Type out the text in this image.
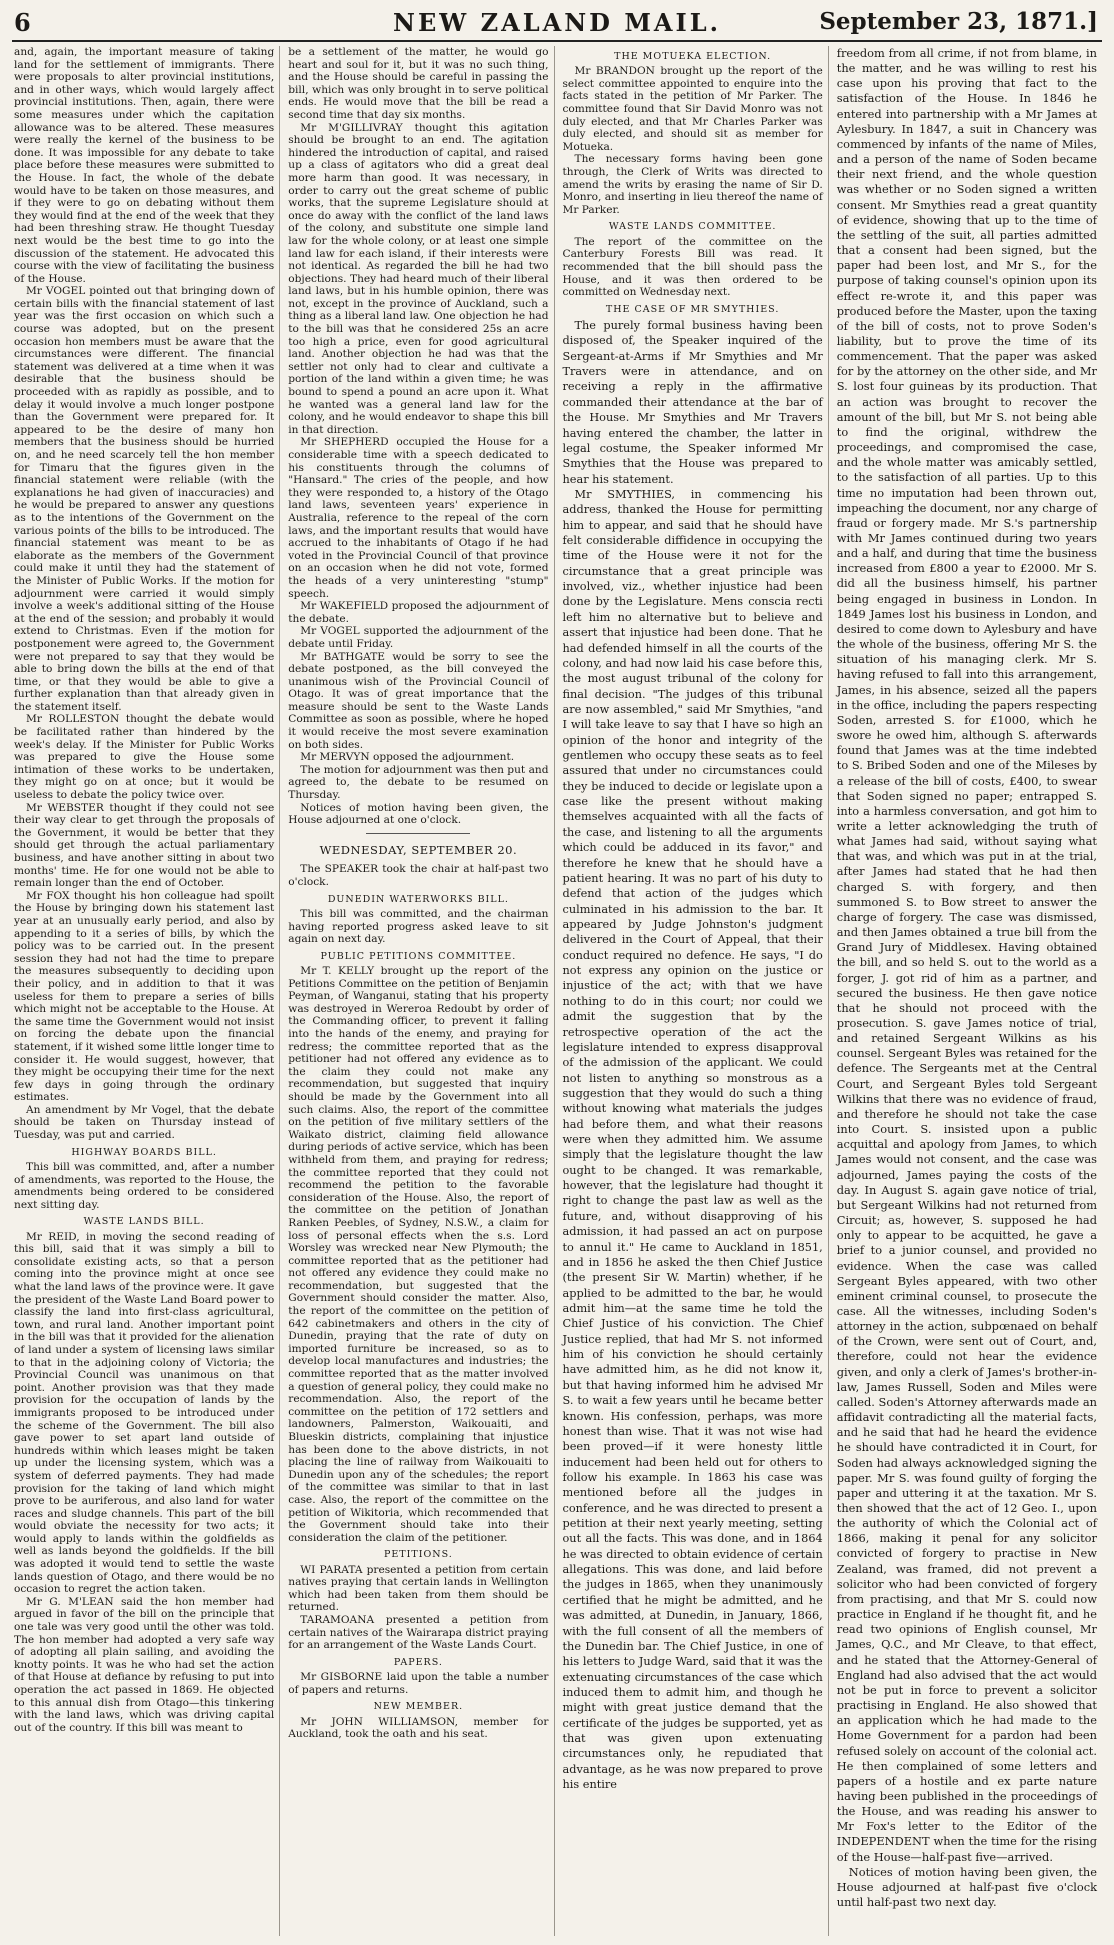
6	NEW ZALAND MAIL.	September 23, 1871.]

and, again, the important measure of taking land for the settlement of immigrants. There were proposals to alter provincial institutions, and in other ways, which would largely affect provincial institutions. Then, again, there were some measures under which the capitation allowance was to be altered. These measures were really the kernel of the business to be done. It was impossible for any debate to take place before these measures were submitted to the House. In fact, the whole of the debate would have to be taken on those measures, and if they were to go on debating without them they would find at the end of the week that they had been threshing straw. He thought Tuesday next would be the best time to go into the discussion of the statement. He advocated this course with the view of facilitating the business of the House.

Mr VOGEL pointed out that bringing down of certain bills with the financial statement of last year was the first occasion on which such a course was adopted, but on the present occasion hon members must be aware that the circumstances were different. The financial statement was delivered at a time when it was desirable that the business should be proceeded with as rapidly as possible, and to delay it would involve a much longer postpone than the Government were prepared for. It appeared to be the desire of many hon members that the business should be hurried on, and he need scarcely tell the hon member for Timaru that the figures given in the financial statement were reliable (with the explanations he had given of inaccuracies) and he would be prepared to answer any questions as to the intentions of the Government on the various points of the bills to be introduced. The financial statement was meant to be as elaborate as the members of the Government could make it until they had the statement of the Minister of Public Works. If the motion for adjournment were carried it would simply involve a week's additional sitting of the House at the end of the session; and probably it would extend to Christmas. Even if the motion for postponement were agreed to, the Government were not prepared to say that they would be able to bring down the bills at the end of that time, or that they would be able to give a further explanation than that already given in the statement itself.

Mr ROLLESTON thought the debate would be facilitated rather than hindered by the week's delay. If the Minister for Public Works was prepared to give the House some intimation of these works to be undertaken, they might go on at once; but it would be useless to debate the policy twice over.

Mr WEBSTER thought if they could not see their way clear to get through the proposals of the Government, it would be better that they should get through the actual parliamentary business, and have another sitting in about two months' time. He for one would not be able to remain longer than the end of October.

Mr FOX thought his hon colleague had spoilt the House by bringing down his statement last year at an unusually early period, and also by appending to it a series of bills, by which the policy was to be carried out. In the present session they had not had the time to prepare the measures subsequently to deciding upon their policy, and in addition to that it was useless for them to prepare a series of bills which might not be acceptable to the House. At the same time the Government would not insist on forcing the debate upon the financial statement, if it wished some little longer time to consider it. He would suggest, however, that they might be occupying their time for the next few days in going through the ordinary estimates.

An amendment by Mr Vogel, that the debate should be taken on Thursday instead of Tuesday, was put and carried.

HIGHWAY BOARDS BILL.

This bill was committed, and, after a number of amendments, was reported to the House, the amendments being ordered to be considered next sitting day.

WASTE LANDS BILL.

Mr REID, in moving the second reading of this bill, said that it was simply a bill to consolidate existing acts, so that a person coming into the province might at once see what the land laws of the province were. It gave the president of the Waste Land Board power to classify the land into first-class agricultural, town, and rural land. Another important point in the bill was that it provided for the alienation of land under a system of licensing laws similar to that in the adjoining colony of Victoria; the Provincial Council was unanimous on that point. Another provision was that they made provision for the occupation of lands by the immigrants proposed to be introduced under the scheme of the Government. The bill also gave power to set apart land outside of hundreds within which leases might be taken up under the licensing system, which was a system of deferred payments. They had made provision for the taking of land which might prove to be auriferous, and also land for water races and sludge channels. This part of the bill would obviate the necessity for two acts; it would apply to lands within the goldfields as well as lands beyond the goldfields. If the bill was adopted it would tend to settle the waste lands question of Otago, and there would be no occasion to regret the action taken.

Mr G. M'LEAN said the hon member had argued in favor of the bill on the principle that one tale was very good until the other was told. The hon member had adopted a very safe way of adopting all plain sailing, and avoiding the knotty points. It was he who had set the action of that House at defiance by refusing to put into operation the act passed in 1869. He objected to this annual dish from Otago—this tinkering with the land laws, which was driving capital out of the country. If this bill was meant to

be a settlement of the matter, he would go heart and soul for it, but it was no such thing, and the House should be careful in passing the bill, which was only brought in to serve political ends. He would move that the bill be read a second time that day six months.

Mr M'GILLIVRAY thought this agitation should be brought to an end. The agitation hindered the introduction of capital, and raised up a class of agitators who did a great deal more harm than good. It was necessary, in order to carry out the great scheme of public works, that the supreme Legislature should at once do away with the conflict of the land laws of the colony, and substitute one simple land law for the whole colony, or at least one simple land law for each island, if their interests were not identical. As regarded the bill he had two objections. They had heard much of their liberal land laws, but in his humble opinion, there was not, except in the province of Auckland, such a thing as a liberal land law. One objection he had to the bill was that he considered 25s an acre too high a price, even for good agricultural land. Another objection he had was that the settler not only had to clear and cultivate a portion of the land within a given time; he was bound to spend a pound an acre upon it. What he wanted was a general land law for the colony, and he would endeavor to shape this bill in that direction.

Mr SHEPHERD occupied the House for a considerable time with a speech dedicated to his constituents through the columns of "Hansard." The cries of the people, and how they were responded to, a history of the Otago land laws, seventeen years' experience in Australia, reference to the repeal of the corn laws, and the important results that would have accrued to the inhabitants of Otago if he had voted in the Provincial Council of that province on an occasion when he did not vote, formed the heads of a very uninteresting "stump" speech.

Mr WAKEFIELD proposed the adjournment of the debate.

Mr VOGEL supported the adjournment of the debate until Friday.

Mr BATHGATE would be sorry to see the debate postponed, as the bill conveyed the unanimous wish of the Provincial Council of Otago. It was of great importance that the measure should be sent to the Waste Lands Committee as soon as possible, where he hoped it would receive the most severe examination on both sides.

Mr MERVYN opposed the adjournment.

The motion for adjournment was then put and agreed to, the debate to be resumed on Thursday.

Notices of motion having been given, the House adjourned at one o'clock.

WEDNESDAY, SEPTEMBER 20.

The SPEAKER took the chair at half-past two o'clock.

DUNEDIN WATERWORKS BILL.

This bill was committed, and the chairman having reported progress asked leave to sit again on next day.

PUBLIC PETITIONS COMMITTEE.

Mr T. KELLY brought up the report of the Petitions Committee on the petition of Benjamin Peyman, of Wanganui, stating that his property was destroyed in Wereroa Redoubt by order of the Commanding officer, to prevent it falling into the hands of the enemy, and praying for redress; the committee reported that as the petitioner had not offered any evidence as to the claim they could not make any recommendation, but suggested that inquiry should be made by the Government into all such claims. Also, the report of the committee on the petition of five military settlers of the Waikato district, claiming field allowance during periods of active service, which has been withheld from them, and praying for redress; the committee reported that they could not recommend the petition to the favorable consideration of the House. Also, the report of the committee on the petition of Jonathan Ranken Peebles, of Sydney, N.S.W., a claim for loss of personal effects when the s.s. Lord Worsley was wrecked near New Plymouth; the committee reported that as the petitioner had not offered any evidence they could make no recommendation, but suggested that the Government should consider the matter. Also, the report of the committee on the petition of 642 cabinetmakers and others in the city of Dunedin, praying that the rate of duty on imported furniture be increased, so as to develop local manufactures and industries; the committee reported that as the matter involved a question of general policy, they could make no recommendation. Also, the report of the committee on the petition of 172 settlers and landowners, Palmerston, Waikouaiti, and Blueskin districts, complaining that injustice has been done to the above districts, in not placing the line of railway from Waikouaiti to Dunedin upon any of the schedules; the report of the committee was similar to that in last case. Also, the report of the committee on the petition of Wikitoria, which recommended that the Government should take into their consideration the claim of the petitioner.

PETITIONS.

WI PARATA presented a petition from certain natives praying that certain lands in Wellington which had been taken from them should be returned.

TARAMOANA presented a petition from certain natives of the Wairarapa district praying for an arrangement of the Waste Lands Court.

PAPERS.

Mr GISBORNE laid upon the table a number of papers and returns.

NEW MEMBER.

Mr JOHN WILLIAMSON, member for Auckland, took the oath and his seat.

THE MOTUEKA ELECTION.

Mr BRANDON brought up the report of the select committee appointed to enquire into the facts stated in the petition of Mr Parker. The committee found that Sir David Monro was not duly elected, and that Mr Charles Parker was duly elected, and should sit as member for Motueka.

The necessary forms having been gone through, the Clerk of Writs was directed to amend the writs by erasing the name of Sir D. Monro, and inserting in lieu thereof the name of Mr Parker.

WASTE LANDS COMMITTEE.

The report of the committee on the Canterbury Forests Bill was read. It recommended that the bill should pass the House, and it was then ordered to be committed on Wednesday next.

THE CASE OF MR SMYTHIES.

The purely formal business having been disposed of, the Speaker inquired of the Sergeant-at-Arms if Mr Smythies and Mr Travers were in attendance, and on receiving a reply in the affirmative commanded their attendance at the bar of the House. Mr Smythies and Mr Travers having entered the chamber, the latter in legal costume, the Speaker informed Mr Smythies that the House was prepared to hear his statement.

Mr SMYTHIES, in commencing his address, thanked the House for permitting him to appear, and said that he should have felt considerable diffidence in occupying the time of the House were it not for the circumstance that a great principle was involved, viz., whether injustice had been done by the Legislature. Mens conscia recti left him no alternative but to believe and assert that injustice had been done. That he had defended himself in all the courts of the colony, and had now laid his case before this, the most august tribunal of the colony for final decision. "The judges of this tribunal are now assembled," said Mr Smythies, "and I will take leave to say that I have so high an opinion of the honor and integrity of the gentlemen who occupy these seats as to feel assured that under no circumstances could they be induced to decide or legislate upon a case like the present without making themselves acquainted with all the facts of the case, and listening to all the arguments which could be adduced in its favor," and therefore he knew that he should have a patient hearing. It was no part of his duty to defend that action of the judges which culminated in his admission to the bar. It appeared by Judge Johnston's judgment delivered in the Court of Appeal, that their conduct required no defence. He says, "I do not express any opinion on the justice or injustice of the act; with that we have nothing to do in this court; nor could we admit the suggestion that by the retrospective operation of the act the legislature intended to express disapproval of the admission of the applicant. We could not listen to anything so monstrous as a suggestion that they would do such a thing without knowing what materials the judges had before them, and what their reasons were when they admitted him. We assume simply that the legislature thought the law ought to be changed. It was remarkable, however, that the legislature had thought it right to change the past law as well as the future, and, without disapproving of his admission, it had passed an act on purpose to annul it." He came to Auckland in 1851, and in 1856 he asked the then Chief Justice (the present Sir W. Martin) whether, if he applied to be admitted to the bar, he would admit him—at the same time he told the Chief Justice of his conviction. The Chief Justice replied, that had Mr S. not informed him of his conviction he should certainly have admitted him, as he did not know it, but that having informed him he advised Mr S. to wait a few years until he became better known. His confession, perhaps, was more honest than wise. That it was not wise had been proved—if it were honesty little inducement had been held out for others to follow his example. In 1863 his case was mentioned before all the judges in conference, and he was directed to present a petition at their next yearly meeting, setting out all the facts. This was done, and in 1864 he was directed to obtain evidence of certain allegations. This was done, and laid before the judges in 1865, when they unanimously certified that he might be admitted, and he was admitted, at Dunedin, in January, 1866, with the full consent of all the members of the Dunedin bar. The Chief Justice, in one of his letters to Judge Ward, said that it was the extenuating circumstances of the case which induced them to admit him, and though he might with great justice demand that the certificate of the judges be supported, yet as that was given upon extenuating circumstances only, he repudiated that advantage, as he was now prepared to prove his entire

freedom from all crime, if not from blame, in the matter, and he was willing to rest his case upon his proving that fact to the satisfaction of the House. In 1846 he entered into partnership with a Mr James at Aylesbury. In 1847, a suit in Chancery was commenced by infants of the name of Miles, and a person of the name of Soden became their next friend, and the whole question was whether or no Soden signed a written consent. Mr Smythies read a great quantity of evidence, showing that up to the time of the settling of the suit, all parties admitted that a consent had been signed, but the paper had been lost, and Mr S., for the purpose of taking counsel's opinion upon its effect re-wrote it, and this paper was produced before the Master, upon the taxing of the bill of costs, not to prove Soden's liability, but to prove the time of its commencement. That the paper was asked for by the attorney on the other side, and Mr S. lost four guineas by its production. That an action was brought to recover the amount of the bill, but Mr S. not being able to find the original, withdrew the proceedings, and compromised the case, and the whole matter was amicably settled, to the satisfaction of all parties. Up to this time no imputation had been thrown out, impeaching the document, nor any charge of fraud or forgery made. Mr S.'s partnership with Mr James continued during two years and a half, and during that time the business increased from £800 a year to £2000. Mr S. did all the business himself, his partner being engaged in business in London. In 1849 James lost his business in London, and desired to come down to Aylesbury and have the whole of the business, offering Mr S. the situation of his managing clerk. Mr S. having refused to fall into this arrangement, James, in his absence, seized all the papers in the office, including the papers respecting Soden, arrested S. for £1000, which he swore he owed him, although S. afterwards found that James was at the time indebted to S. Bribed Soden and one of the Mileses by a release of the bill of costs, £400, to swear that Soden signed no paper; entrapped S. into a harmless conversation, and got him to write a letter acknowledging the truth of what James had said, without saying what that was, and which was put in at the trial, after James had stated that he had then charged S. with forgery, and then summoned S. to Bow street to answer the charge of forgery. The case was dismissed, and then James obtained a true bill from the Grand Jury of Middlesex. Having obtained the bill, and so held S. out to the world as a forger, J. got rid of him as a partner, and secured the business. He then gave notice that he should not proceed with the prosecution. S. gave James notice of trial, and retained Sergeant Wilkins as his counsel. Sergeant Byles was retained for the defence. The Sergeants met at the Central Court, and Sergeant Byles told Sergeant Wilkins that there was no evidence of fraud, and therefore he should not take the case into Court. S. insisted upon a public acquittal and apology from James, to which James would not consent, and the case was adjourned, James paying the costs of the day. In August S. again gave notice of trial, but Sergeant Wilkins had not returned from Circuit; as, however, S. supposed he had only to appear to be acquitted, he gave a brief to a junior counsel, and provided no evidence. When the case was called Sergeant Byles appeared, with two other eminent criminal counsel, to prosecute the case. All the witnesses, including Soden's attorney in the action, subpœnaed on behalf of the Crown, were sent out of Court, and, therefore, could not hear the evidence given, and only a clerk of James's brother-in-law, James Russell, Soden and Miles were called. Soden's Attorney afterwards made an affidavit contradicting all the material facts, and he said that had he heard the evidence he should have contradicted it in Court, for Soden had always acknowledged signing the paper. Mr S. was found guilty of forging the paper and uttering it at the taxation. Mr S. then showed that the act of 12 Geo. I., upon the authority of which the Colonial act of 1866, making it penal for any solicitor convicted of forgery to practise in New Zealand, was framed, did not prevent a solicitor who had been convicted of forgery from practising, and that Mr S. could now practice in England if he thought fit, and he read two opinions of English counsel, Mr James, Q.C., and Mr Cleave, to that effect, and he stated that the Attorney-General of England had also advised that the act would not be put in force to prevent a solicitor practising in England. He also showed that an application which he had made to the Home Government for a pardon had been refused solely on account of the colonial act. He then complained of some letters and papers of a hostile and ex parte nature having been published in the proceedings of the House, and was reading his answer to Mr Fox's letter to the Editor of the INDEPENDENT when the time for the rising of the House—half-past five—arrived.

Notices of motion having been given, the House adjourned at half-past five o'clock until half-past two next day.
